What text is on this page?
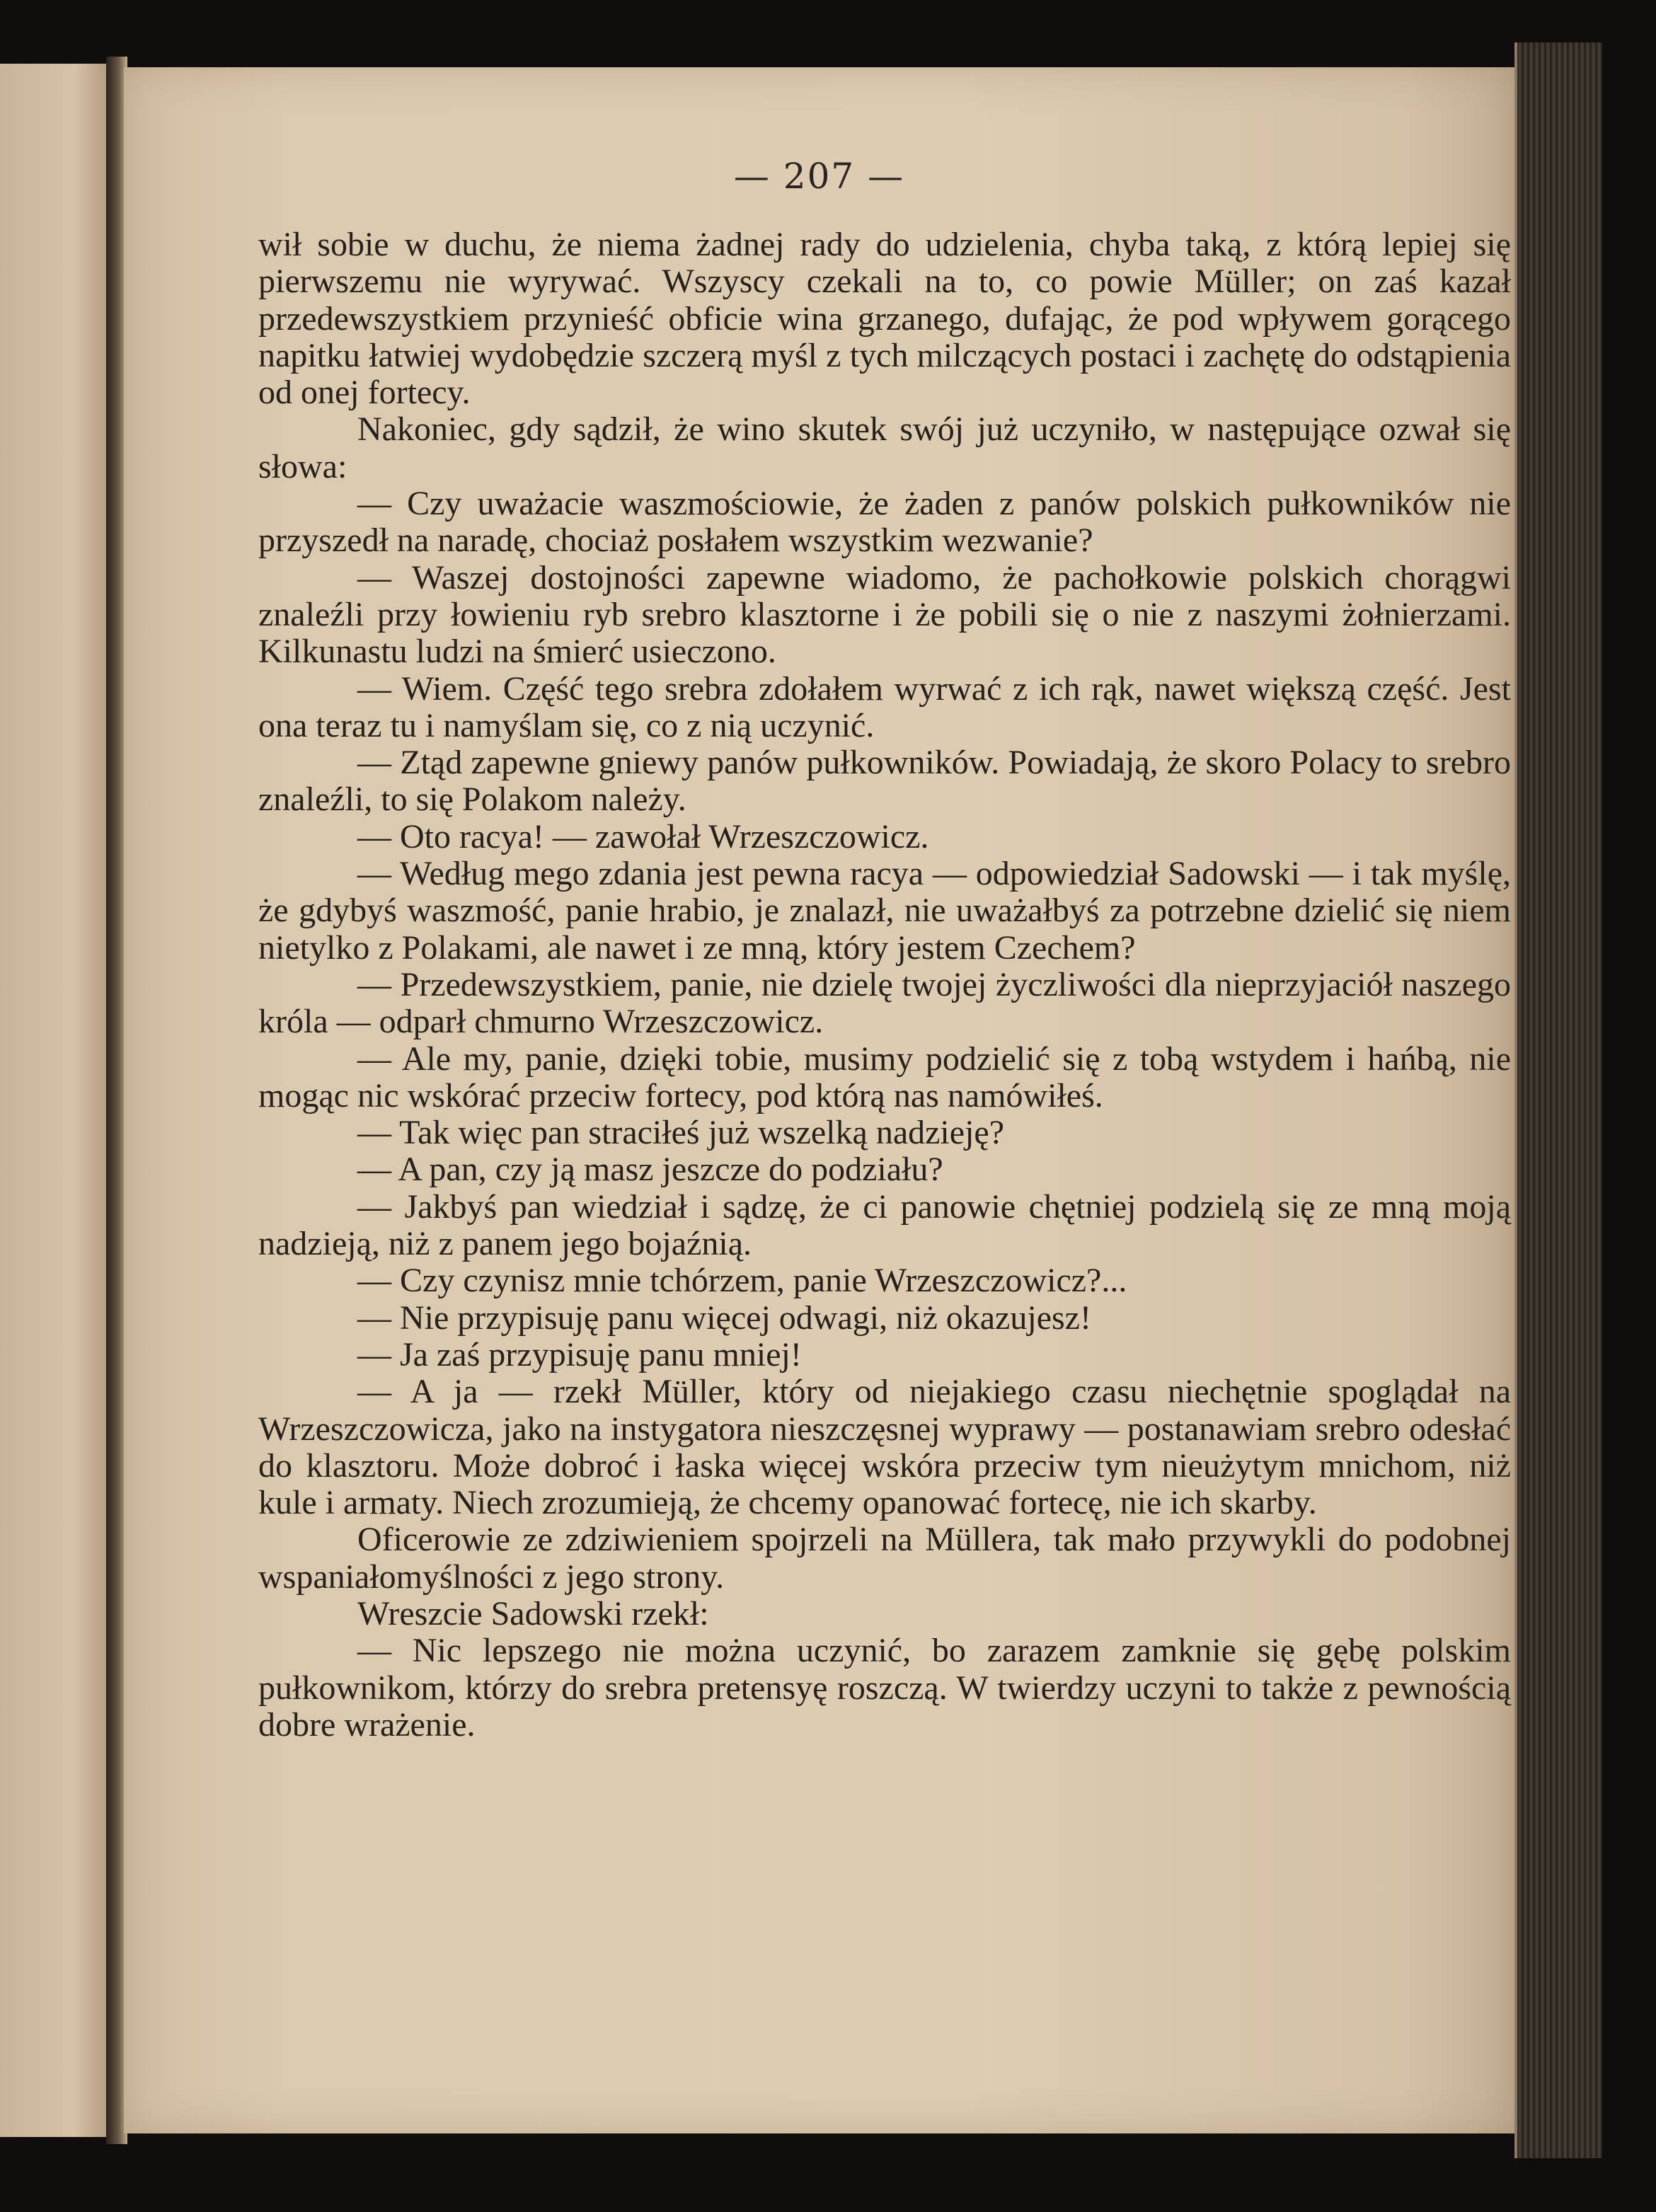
— 207 —

wił sobie w duchu, że niema żadnej rady do udzielenia, chyba taką, z którą lepiej się pierwszemu nie wyrywać. Wszyscy czekali na to, co powie Müller; on zaś kazał przedewszystkiem przynieść obficie wina grzanego, dufając, że pod wpływem gorącego napitku łatwiej wydobędzie szczerą myśl z tych milczących postaci i zachętę do odstąpienia od onej fortecy.

Nakoniec, gdy sądził, że wino skutek swój już uczyniło, w następujące ozwał się słowa:

— Czy uważacie waszmościowie, że żaden z panów polskich pułkowników nie przyszedł na naradę, chociaż posłałem wszystkim wezwanie?

— Waszej dostojności zapewne wiadomo, że pachołkowie polskich chorągwi znaleźli przy łowieniu ryb srebro klasztorne i że pobili się o nie z naszymi żołnierzami. Kilkunastu ludzi na śmierć usieczono.

— Wiem. Część tego srebra zdołałem wyrwać z ich rąk, nawet większą część. Jest ona teraz tu i namyślam się, co z nią uczynić.

— Ztąd zapewne gniewy panów pułkowników. Powiadają, że skoro Polacy to srebro znaleźli, to się Polakom należy.

— Oto racya! — zawołał Wrzeszczowicz.

— Według mego zdania jest pewna racya — odpowiedział Sadowski — i tak myślę, że gdybyś waszmość, panie hrabio, je znalazł, nie uważałbyś za potrzebne dzielić się niem nietylko z Polakami, ale nawet i ze mną, który jestem Czechem?

— Przedewszystkiem, panie, nie dzielę twojej życzliwości dla nieprzyjaciół naszego króla — odparł chmurno Wrzeszczowicz.

— Ale my, panie, dzięki tobie, musimy podzielić się z tobą wstydem i hańbą, nie mogąc nic wskórać przeciw fortecy, pod którą nas namówiłeś.

— Tak więc pan straciłeś już wszelką nadzieję?

— A pan, czy ją masz jeszcze do podziału?

— Jakbyś pan wiedział i sądzę, że ci panowie chętniej podzielą się ze mną moją nadzieją, niż z panem jego bojaźnią.

— Czy czynisz mnie tchórzem, panie Wrzeszczowicz?...

— Nie przypisuję panu więcej odwagi, niż okazujesz!

— Ja zaś przypisuję panu mniej!

— A ja — rzekł Müller, który od niejakiego czasu niechętnie spoglądał na Wrzeszczowicza, jako na instygatora nieszczęsnej wyprawy — postanawiam srebro odesłać do klasztoru. Może dobroć i łaska więcej wskóra przeciw tym nieużytym mnichom, niż kule i armaty. Niech zrozumieją, że chcemy opanować fortecę, nie ich skarby.

Oficerowie ze zdziwieniem spojrzeli na Müllera, tak mało przywykli do podobnej wspaniałomyślności z jego strony.

Wreszcie Sadowski rzekł:

— Nic lepszego nie można uczynić, bo zarazem zamknie się gębę polskim pułkownikom, którzy do srebra pretensyę roszczą. W twierdzy uczyni to także z pewnością dobre wrażenie.
